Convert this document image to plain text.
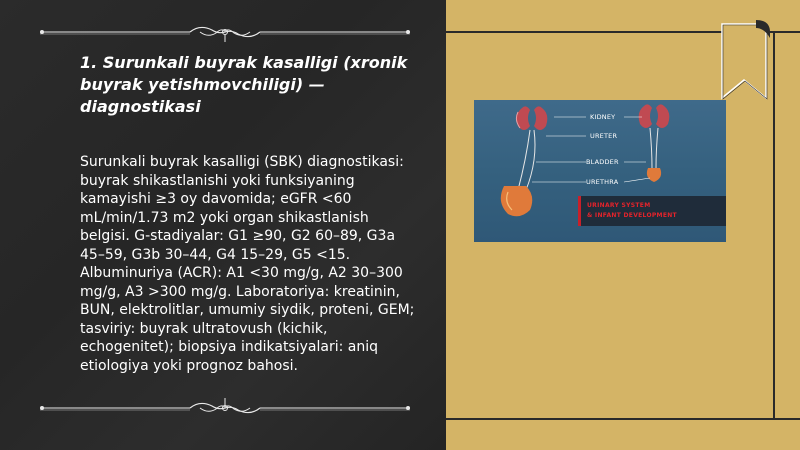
1. Surunkali buyrak kasalligi (xronik buyrak yetishmovchiligi) — diagnostikasi
Surunkali buyrak kasalligi (SBK) diagnostikasi: buyrak shikastlanishi yoki funksiyaning kamayishi ≥3 oy davomida; eGFR <60 mL/min/1.73 m2 yoki organ shikastlanish belgisi. G-stadiyalar: G1 ≥90, G2 60–89, G3a 45–59, G3b 30–44, G4 15–29, G5 <15. Albuminuriya (ACR): A1 <30 mg/g, A2 30–300 mg/g, A3 >300 mg/g. Laboratoriya: kreatinin, BUN, elektrolitlar, umumiy siydik, proteni, GEM; tasviriy: buyrak ultratovush (kichik, echogenitet); biopsiya indikatsiyalari: aniq etiologiya yoki prognoz bahosi.
KIDNEY
URETER
BLADDER
URETHRA
URINARY SYSTEM
& INFANT DEVELOPMENT
